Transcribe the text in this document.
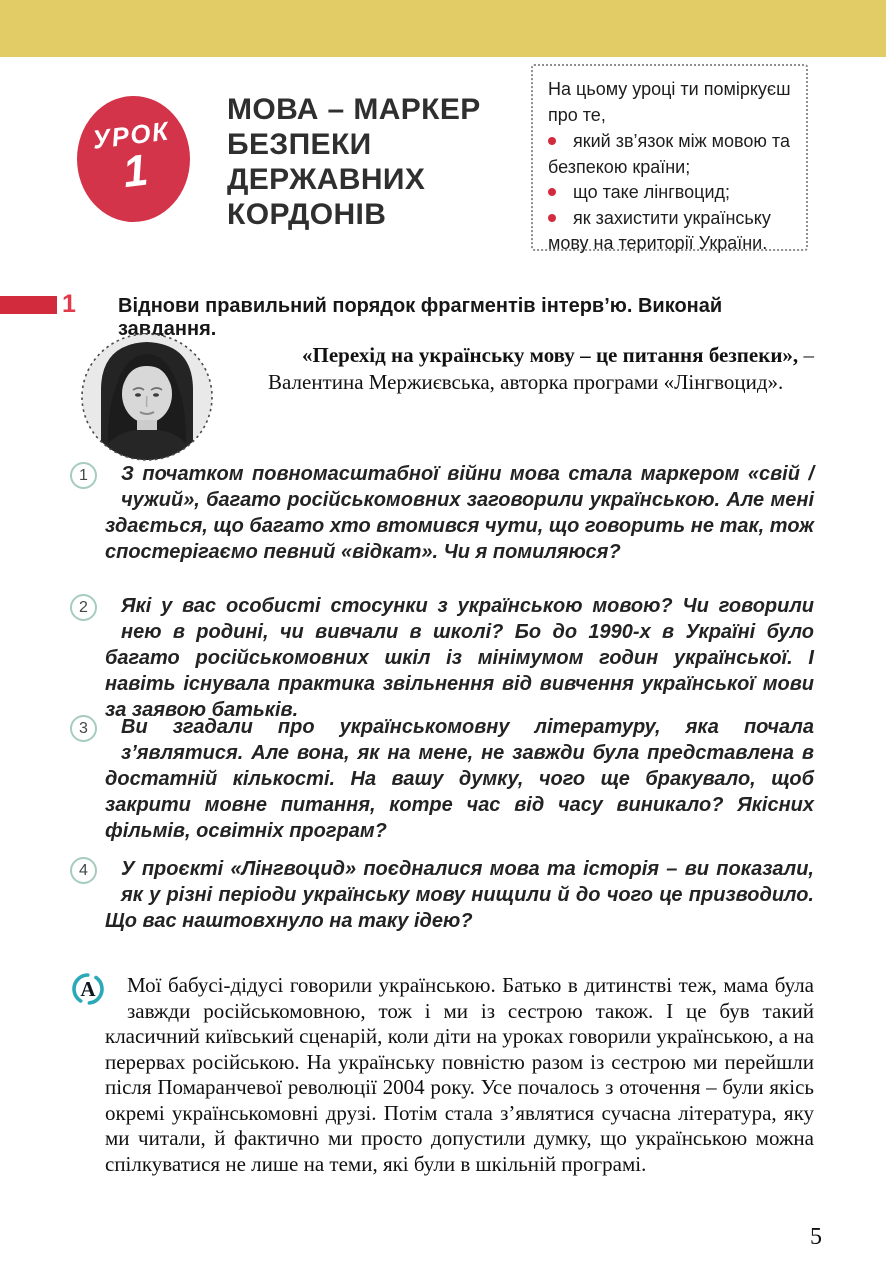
УРОК
1
МОВА – МАРКЕР
БЕЗПЕКИ
ДЕРЖАВНИХ
КОРДОНІВ

На цьому уроці ти поміркуєш про те,

який зв’язок між мовою та безпекою країни;
що таке лінгвоцид;
як захистити українську мову на території України.
1 Віднови правильний порядок фрагментів інтерв’ю. Виконай завдання.

«Перехід на українську мову – це питання безпеки», – Валентина Мержиєвська, авторка програми «Лінгвоцид».

1	З початком повномасштабної війни мова стала маркером «свій / чужий», багато російськомовних заговорили українською. Але мені здається, що багато хто втомився чути, що говорить не так, тож спостерігаємо певний «відкат». Чи я помиляюся?

2	Які у вас особисті стосунки з українською мовою? Чи говорили нею в родині, чи вивчали в школі? Бо до 1990-х в Україні було багато російськомовних шкіл із мінімумом годин української. І навіть існувала практика звільнення від вивчення української мови за заявою батьків.

3	Ви згадали про українськомовну літературу, яка почала з’являтися. Але вона, як на мене, не завжди була представлена в достатній кількості. На вашу думку, чого ще бракувало, щоб закрити мовне питання, котре час від часу виникало? Якісних фільмів, освітніх програм?

4	У проєкті «Лінгвоцид» поєдналися мова та історія – ви показали, як у різні періоди українську мову нищили й до чого це призводило. Що вас наштовхнуло на таку ідею?

А	Мої бабусі-дідусі говорили українською. Батько в дитинстві теж, мама була завжди російськомовною, тож і ми із сестрою також. І це був такий класичний київський сценарій, коли діти на уроках говорили українською, а на перервах російською. На українську повністю разом із сестрою ми перейшли після Помаранчевої революції 2004 року. Усе почалось з оточення – були якісь окремі українськомовні друзі. Потім стала з’являтися сучасна література, яку ми читали, й фактично ми просто допустили думку, що українською можна спілкуватися не лише на теми, які були в шкільній програмі.

5
